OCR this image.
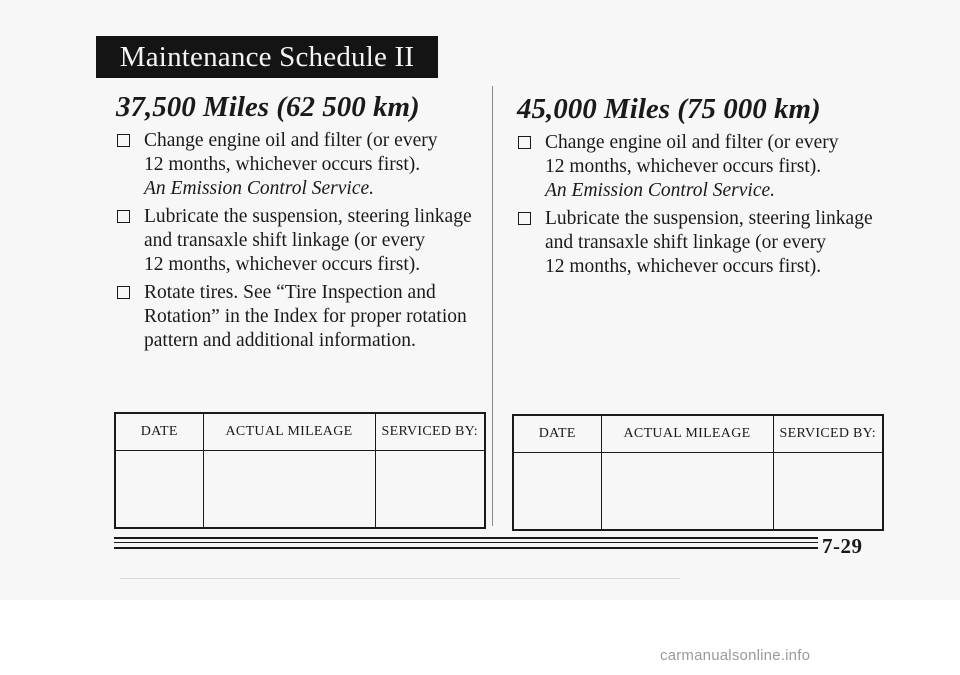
Maintenance Schedule II
37,500 Miles (62 500 km)
Change engine oil and filter (or every
12 months, whichever occurs first).
An Emission Control Service.
Lubricate the suspension, steering linkage
and transaxle shift linkage (or every
12 months, whichever occurs first).
Rotate tires. See “Tire Inspection and
Rotation” in the Index for proper rotation
pattern and additional information.
DATE	ACTUAL MILEAGE	SERVICED BY:

45,000 Miles (75 000 km)
Change engine oil and filter (or every
12 months, whichever occurs first).
An Emission Control Service.
Lubricate the suspension, steering linkage
and transaxle shift linkage (or every
12 months, whichever occurs first).
DATE	ACTUAL MILEAGE	SERVICED BY:

7-29
carmanualsonline.info
